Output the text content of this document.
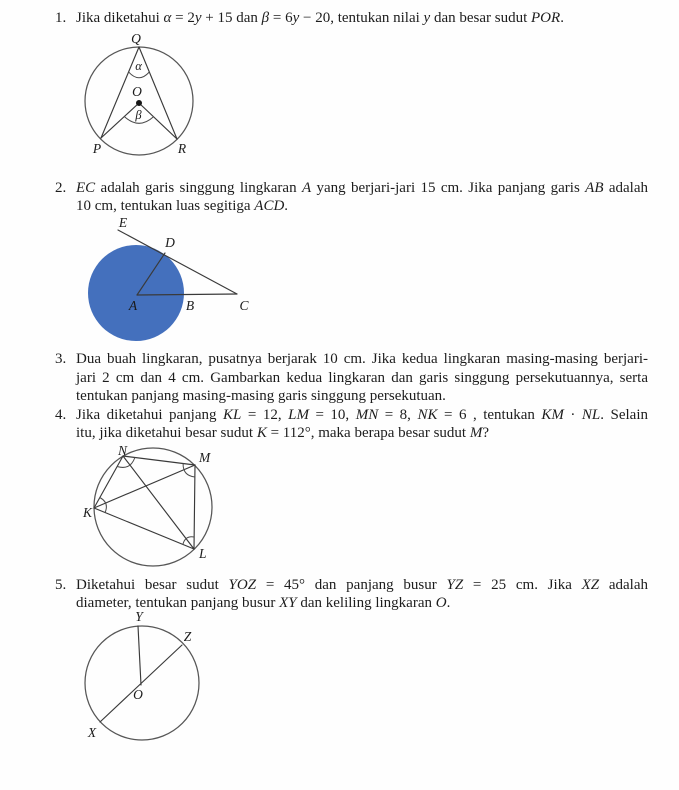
1. Jika diketahui α = 2y + 15 dan β = 6y − 20, tentukan nilai y dan besar sudut POR.
Q
α
O
β
P	R
2. EC adalah garis singgung lingkaran A yang berjari-jari 15 cm. Jika panjang garis AB adalah
10 cm, tentukan luas segitiga ACD.
E
D
A	B	C
3. Dua buah lingkaran, pusatnya berjarak 10 cm. Jika kedua lingkaran masing-masing berjari-
jari 2 cm dan 4 cm. Gambarkan kedua lingkaran dan garis singgung persekutuannya, serta
tentukan panjang masing-masing garis singgung persekutuan.
4. Jika diketahui panjang KL = 12, LM = 10, MN = 8, NK = 6 , tentukan KM · NL. Selain
itu, jika diketahui besar sudut K = 112°, maka berapa besar sudut M?
N	M
K
L
5. Diketahui besar sudut YOZ = 45° dan panjang busur YZ = 25 cm. Jika XZ adalah
diameter, tentukan panjang busur XY dan keliling lingkaran O.
Y
Z
O
X
